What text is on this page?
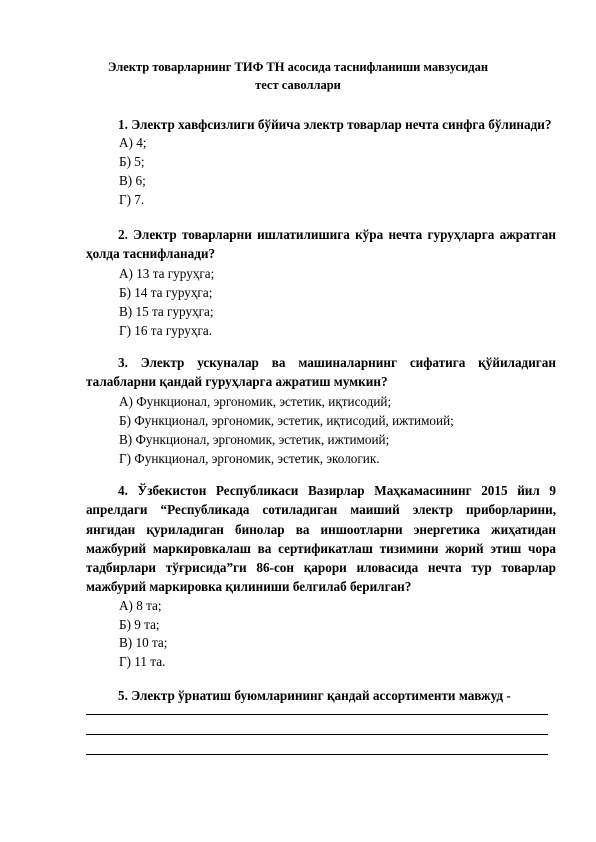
Электр товарларнинг ТИФ ТН асосида таснифланиши мавзусидан
тест саволлари

1. Электр хавфсизлиги бўйича электр товарлар нечта синфга бўлинади?

А) 4;

Б) 5;

В) 6;

Г) 7.

2. Электр товарларни ишлатилишига кўра нечта гуруҳларга ажратган ҳолда таснифланади?

А) 13 та гуруҳга;

Б) 14 та гуруҳга;

В) 15 та гуруҳга;

Г) 16 та гуруҳга.

3. Электр ускуналар ва машиналарнинг сифатига қўйиладиган талабларни қандай гуруҳларга ажратиш мумкин?

А) Функционал, эргономик, эстетик, иқтисодий;

Б) Функционал, эргономик, эстетик, иқтисодий, ижтимоий;

В) Функционал, эргономик, эстетик, ижтимоий;

Г) Функционал, эргономик, эстетик, экологик.

4. Ўзбекистон Республикаси Вазирлар Маҳкамасининг 2015 йил 9 апрелдаги “Республикада сотиладиган маиший электр приборларини, янгидан қуриладиган бинолар ва иншоотларни энергетика жиҳатидан мажбурий маркировкалаш ва сертификатлаш тизимини жорий этиш чора тадбирлари тўғрисида”ги 86-сон қарори иловасида нечта тур товарлар мажбурий маркировка қилиниши белгилаб берилган?

А) 8 та;

Б) 9 та;

В) 10 та;

Г) 11 та.

5. Электр ўрнатиш буюмларининг қандай ассортименти мавжуд -
